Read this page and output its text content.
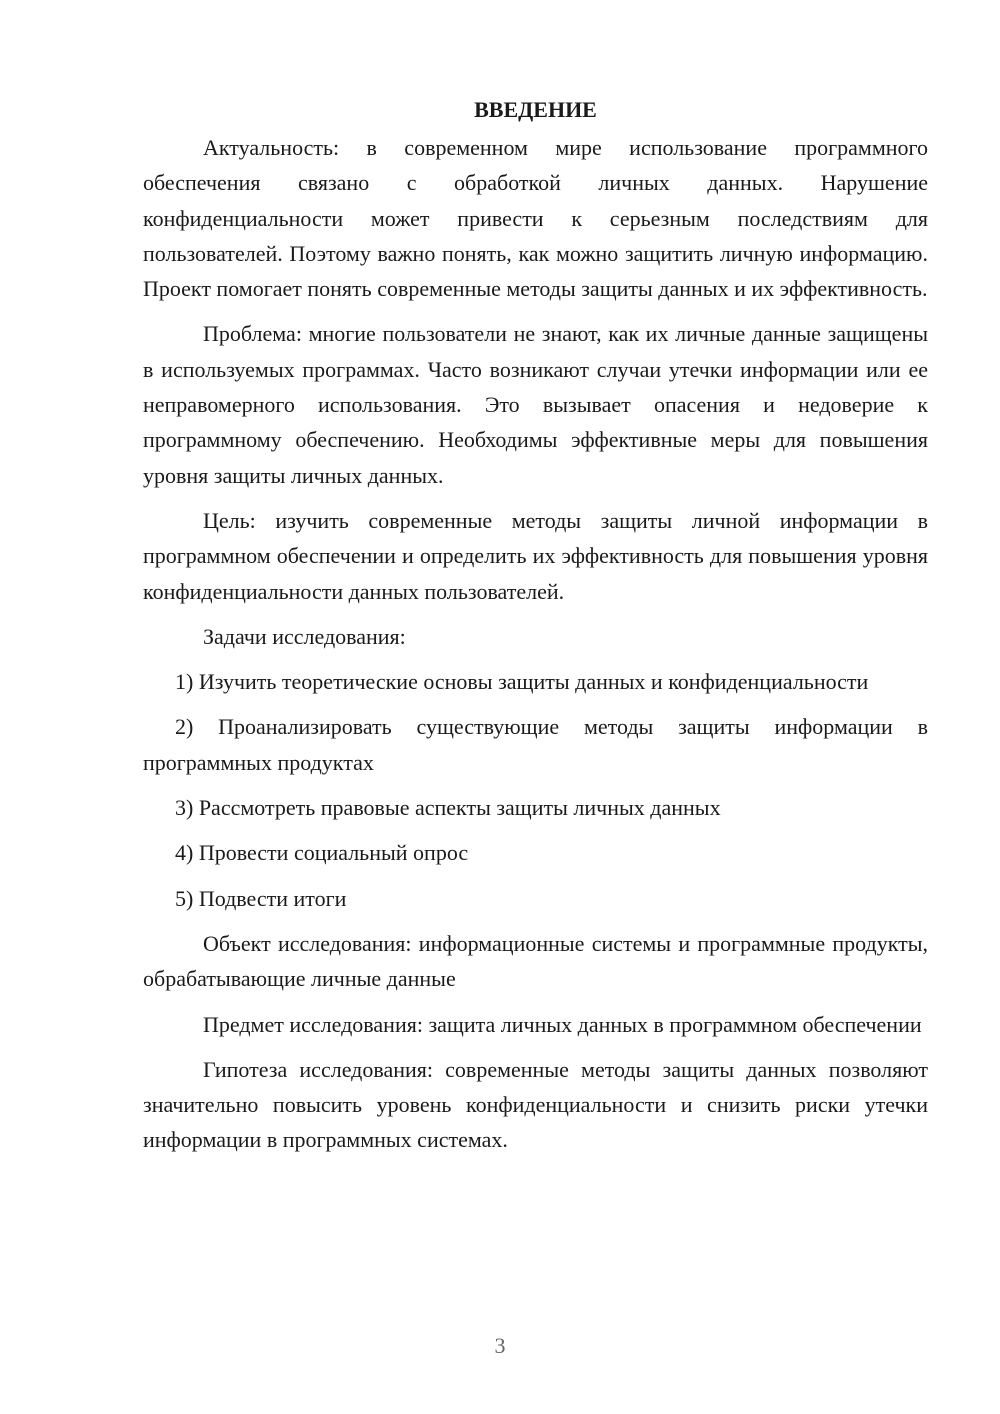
ВВЕДЕНИЕ

Актуальность: в современном мире использование программного обеспечения связано с обработкой личных данных. Нарушение конфиденциальности может привести к серьезным последствиям для пользователей. Поэтому важно понять, как можно защитить личную информацию. Проект помогает понять современные методы защиты данных и их эффективность.

Проблема: многие пользователи не знают, как их личные данные защищены в используемых программах. Часто возникают случаи утечки информации или ее неправомерного использования. Это вызывает опасения и недоверие к программному обеспечению. Необходимы эффективные меры для повышения уровня защиты личных данных.

Цель: изучить современные методы защиты личной информации в программном обеспечении и определить их эффективность для повышения уровня конфиденциальности данных пользователей.

Задачи исследования:

1) Изучить теоретические основы защиты данных и конфиденциальности

2) Проанализировать существующие методы защиты информации в программных продуктах

3) Рассмотреть правовые аспекты защиты личных данных

4) Провести социальный опрос

5) Подвести итоги

Объект исследования: информационные системы и программные продукты, обрабатывающие личные данные

Предмет исследования: защита личных данных в программном обеспечении

Гипотеза исследования: современные методы защиты данных позволяют значительно повысить уровень конфиденциальности и снизить риски утечки информации в программных системах.

3
